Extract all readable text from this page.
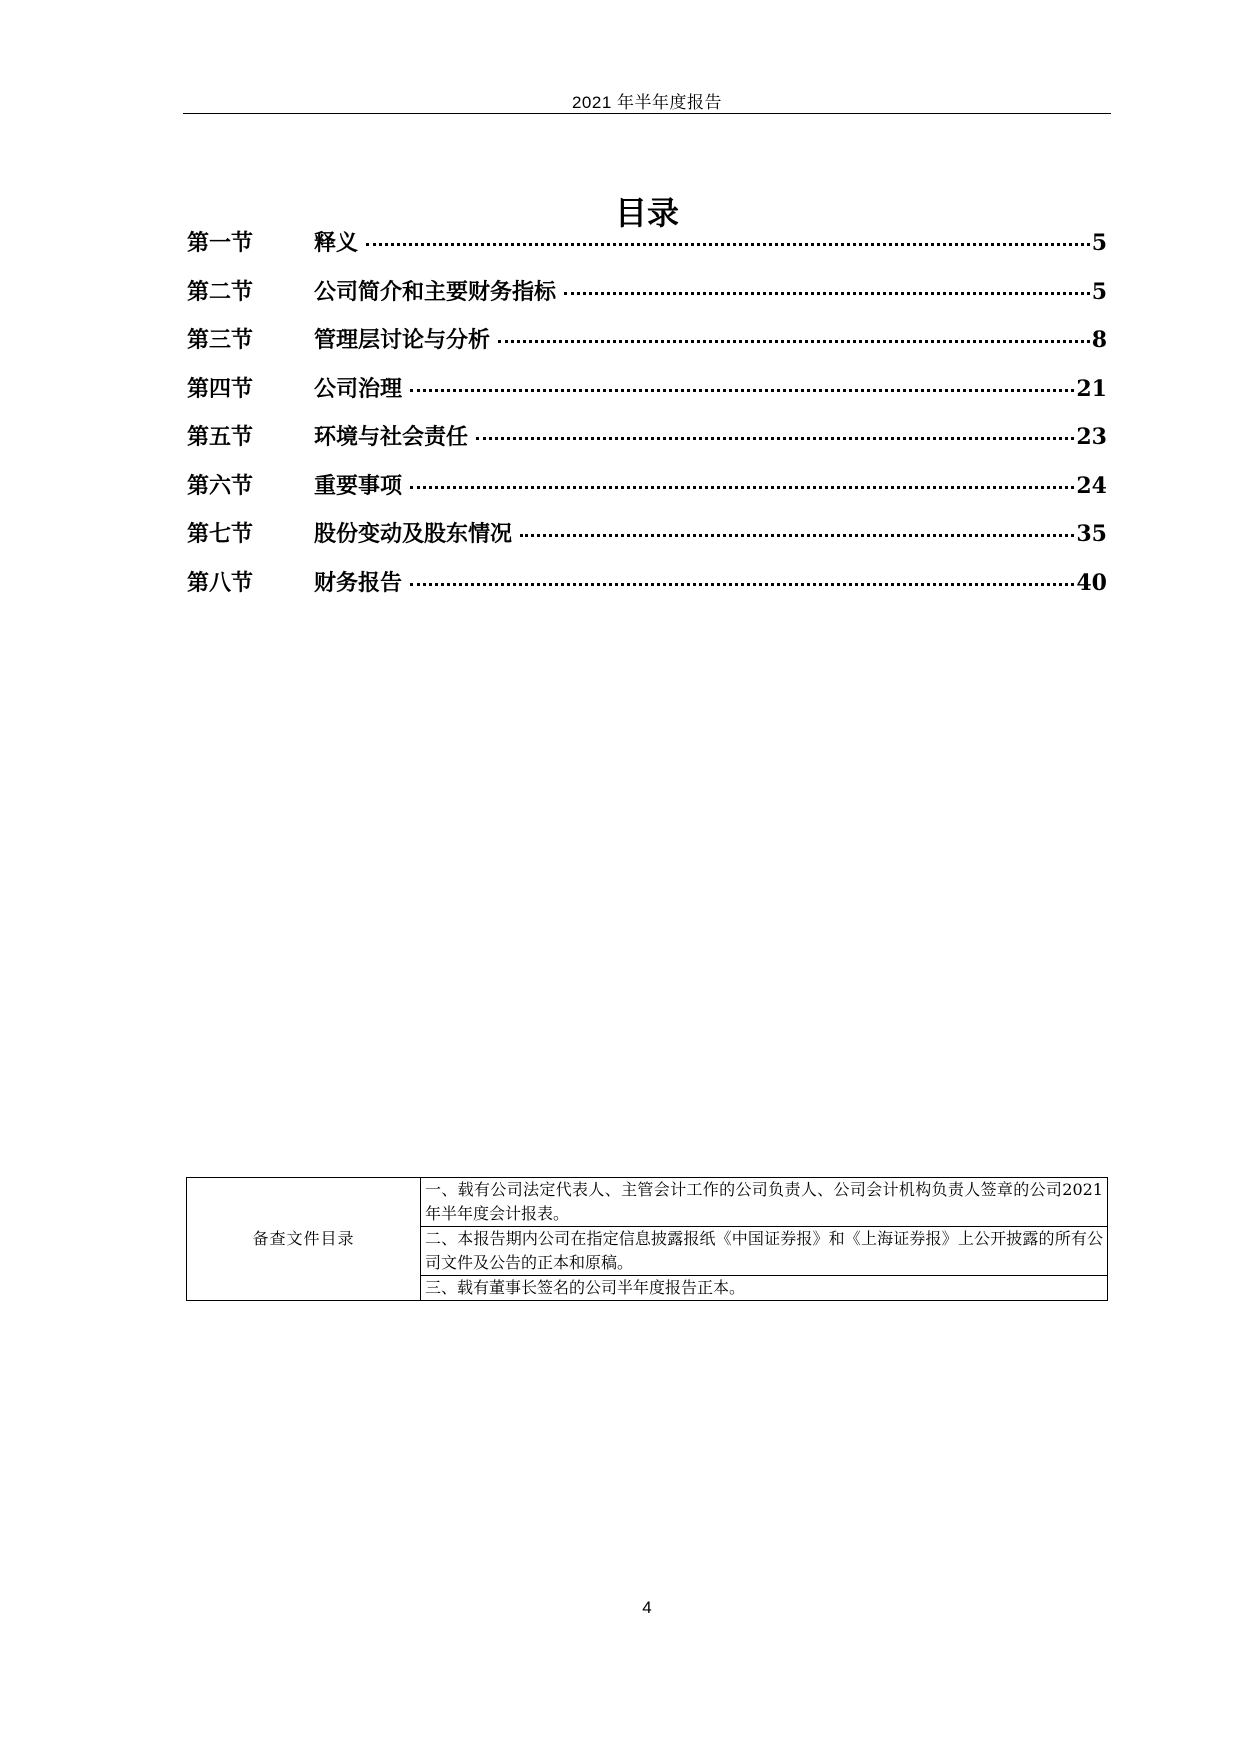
2021 年半年度报告
目录
第一节	释义	5
第二节	公司简介和主要财务指标	5
第三节	管理层讨论与分析	8
第四节	公司治理	21
第五节	环境与社会责任	23
第六节	重要事项	24
第七节	股份变动及股东情况	35
第八节	财务报告	40
备查文件目录	一、载有公司法定代表人、主管会计工作的公司负责人、公司会计机构负责人签章的公司2021年半年度会计报表。
二、本报告期内公司在指定信息披露报纸《中国证券报》和《上海证券报》上公开披露的所有公司文件及公告的正本和原稿。
三、载有董事长签名的公司半年度报告正本。
4
